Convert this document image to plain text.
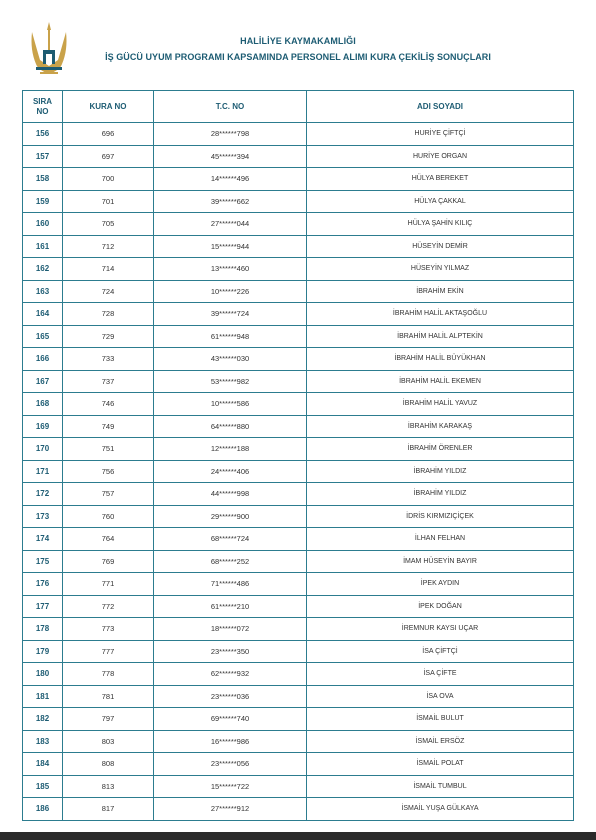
HALİLİYE KAYMAKAMLIĞI
İŞ GÜCÜ UYUM PROGRAMI KAPSAMINDA PERSONEL ALIMI KURA ÇEKİLİŞ SONUÇLARI
SIRA NO	KURA NO	T.C. NO	ADI SOYADI
156	696	28******798	HURİYE ÇİFTÇİ
157	697	45******394	HURİYE ORGAN
158	700	14******496	HÜLYA BEREKET
159	701	39******662	HÜLYA ÇAKKAL
160	705	27******044	HÜLYA ŞAHİN KILIÇ
161	712	15******944	HÜSEYİN DEMİR
162	714	13******460	HÜSEYİN YILMAZ
163	724	10******226	İBRAHİM EKİN
164	728	39******724	İBRAHİM HALİL AKTAŞOĞLU
165	729	61******948	İBRAHİM HALİL ALPTEKİN
166	733	43******030	İBRAHİM HALİL BÜYÜKHAN
167	737	53******982	İBRAHİM HALİL EKEMEN
168	746	10******586	İBRAHİM HALİL YAVUZ
169	749	64******880	İBRAHİM KARAKAŞ
170	751	12******188	İBRAHİM ÖRENLER
171	756	24******406	İBRAHİM YILDIZ
172	757	44******998	İBRAHİM YILDIZ
173	760	29******900	İDRİS KIRMIZIÇİÇEK
174	764	68******724	İLHAN FELHAN
175	769	68******252	İMAM HÜSEYİN BAYIR
176	771	71******486	İPEK AYDIN
177	772	61******210	İPEK DOĞAN
178	773	18******072	İREMNUR KAYSI UÇAR
179	777	23******350	İSA ÇİFTÇİ
180	778	62******932	İSA ÇİFTE
181	781	23******036	İSA OVA
182	797	69******740	İSMAİL BULUT
183	803	16******986	İSMAİL ERSÖZ
184	808	23******056	İSMAİL POLAT
185	813	15******722	İSMAİL TUMBUL
186	817	27******912	İSMAİL YUŞA GÜLKAYA
